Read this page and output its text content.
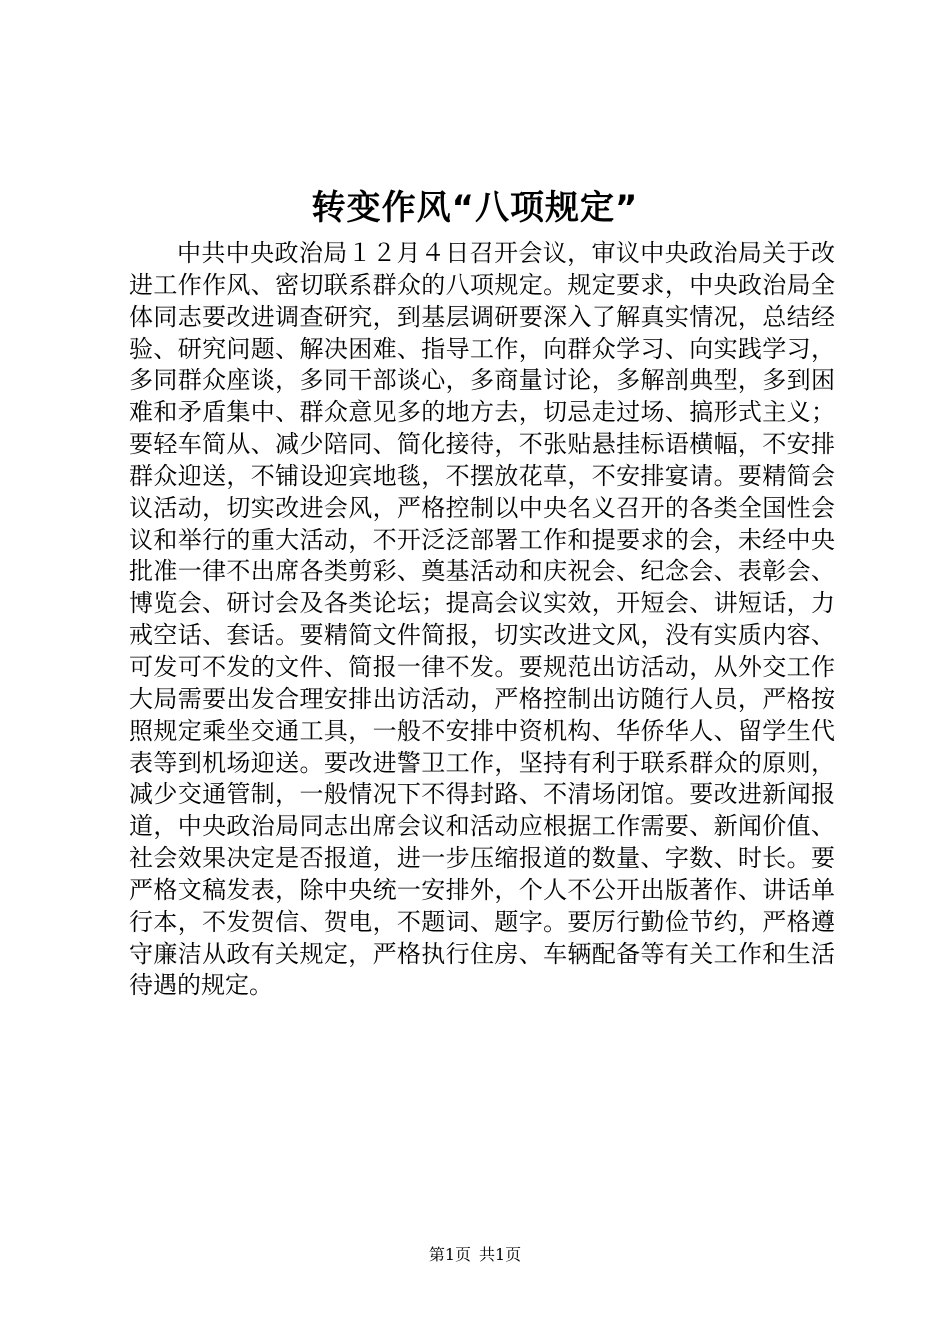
转变作风“八项规定”

中共中央政治局１２月４日召开会议，审议中央政治局关于改进工作作风、密切联系群众的八项规定。规定要求，中央政治局全体同志要改进调查研究，到基层调研要深入了解真实情况，总结经验、研究问题、解决困难、指导工作，向群众学习、向实践学习，多同群众座谈，多同干部谈心，多商量讨论，多解剖典型，多到困难和矛盾集中、群众意见多的地方去，切忌走过场、搞形式主义；要轻车简从、减少陪同、简化接待，不张贴悬挂标语横幅，不安排群众迎送，不铺设迎宾地毯，不摆放花草，不安排宴请。要精简会议活动，切实改进会风，严格控制以中央名义召开的各类全国性会议和举行的重大活动，不开泛泛部署工作和提要求的会，未经中央批准一律不出席各类剪彩、奠基活动和庆祝会、纪念会、表彰会、博览会、研讨会及各类论坛；提高会议实效，开短会、讲短话，力戒空话、套话。要精简文件简报，切实改进文风，没有实质内容、可发可不发的文件、简报一律不发。要规范出访活动，从外交工作大局需要出发合理安排出访活动，严格控制出访随行人员，严格按照规定乘坐交通工具，一般不安排中资机构、华侨华人、留学生代表等到机场迎送。要改进警卫工作，坚持有利于联系群众的原则，减少交通管制，一般情况下不得封路、不清场闭馆。要改进新闻报道，中央政治局同志出席会议和活动应根据工作需要、新闻价值、社会效果决定是否报道，进一步压缩报道的数量、字数、时长。要严格文稿发表，除中央统一安排外，个人不公开出版著作、讲话单行本，不发贺信、贺电，不题词、题字。要厉行勤俭节约，严格遵守廉洁从政有关规定，严格执行住房、车辆配备等有关工作和生活待遇的规定。

第1页 共1页
